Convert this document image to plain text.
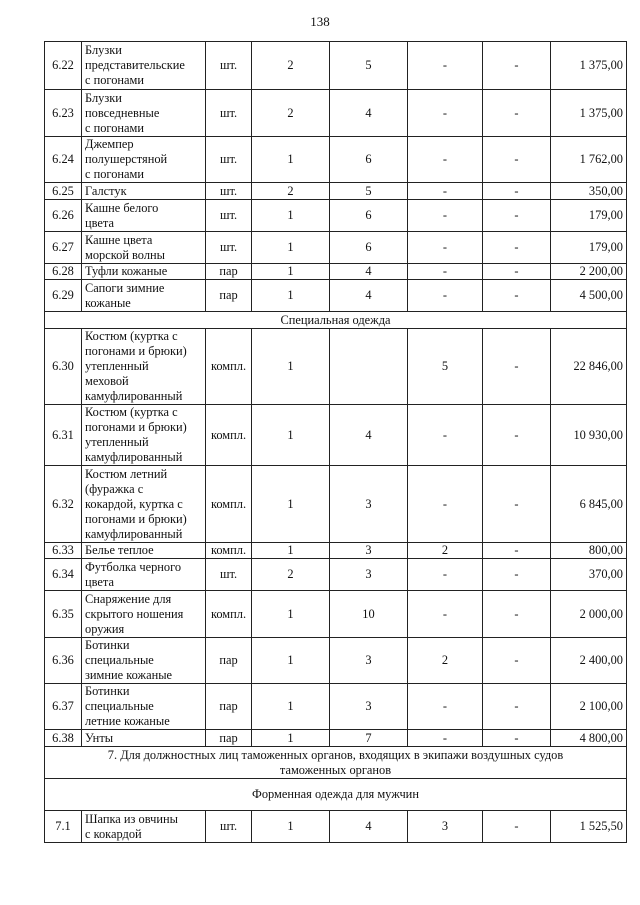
138
6.22	Блузки
представительские
с погонами	шт.	2	5	-	-	1 375,00
6.23	Блузки
повседневные
с погонами	шт.	2	4	-	-	1 375,00
6.24	Джемпер
полушерстяной
с погонами	шт.	1	6	-	-	1 762,00
6.25	Галстук	шт.	2	5	-	-	350,00
6.26	Кашне белого
цвета	шт.	1	6	-	-	179,00
6.27	Кашне цвета
морской волны	шт.	1	6	-	-	179,00
6.28	Туфли кожаные	пар	1	4	-	-	2 200,00
6.29	Сапоги зимние
кожаные	пар	1	4	-	-	4 500,00
Специальная одежда							
6.30	Костюм (куртка с
погонами и брюки)
утепленный
меховой
камуфлированный	компл.	1		5	-	22 846,00
6.31	Костюм (куртка с
погонами и брюки)
утепленный
камуфлированный	компл.	1	4	-	-	10 930,00
6.32	Костюм летний
(фуражка с
кокардой, куртка с
погонами и брюки)
камуфлированный	компл.	1	3	-	-	6 845,00
6.33	Белье теплое	компл.	1	3	2	-	800,00
6.34	Футболка черного
цвета	шт.	2	3	-	-	370,00
6.35	Снаряжение для
скрытого ношения
оружия	компл.	1	10	-	-	2 000,00
6.36	Ботинки
специальные
зимние кожаные	пар	1	3	2	-	2 400,00
6.37	Ботинки
специальные
летние кожаные	пар	1	3	-	-	2 100,00
6.38	Унты	пар	1	7	-	-	4 800,00
7. Для должностных лиц таможенных органов, входящих в экипажи воздушных судов
таможенных органов							
Форменная одежда для мужчин							
7.1	Шапка из овчины
с кокардой	шт.	1	4	3	-	1 525,50
